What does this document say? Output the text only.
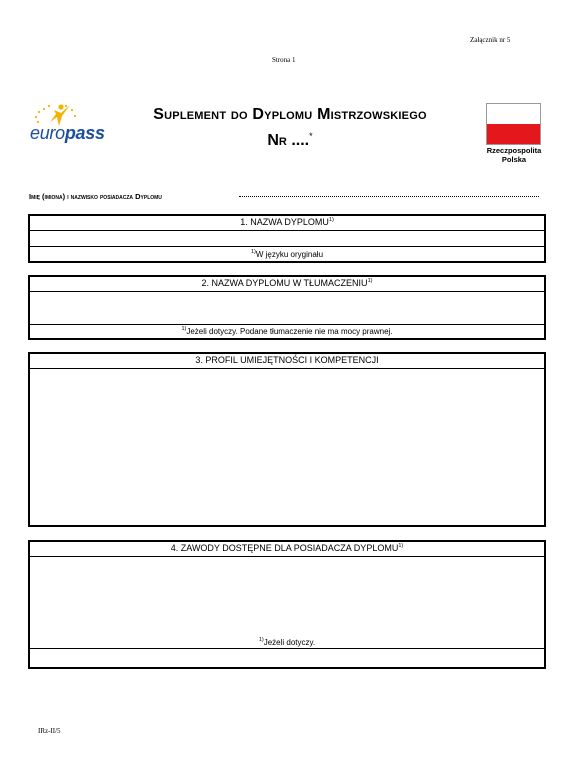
Załącznik nr 5
Strona 1
europass
Suplement do Dyplomu Mistrzowskiego
Nr ....*
Rzeczpospolita
Polska
Imię (imiona) i nazwisko posiadacza Dyplomu
1. NAZWA DYPLOMU$^{1)}$
$^{1)}$W języku oryginału
2. NAZWA DYPLOMU W TŁUMACZENIU$^{1)}$
$^{1)}$Jeżeli dotyczy. Podane tłumaczenie nie ma mocy prawnej.
3. PROFIL UMIEJĘTNOŚCI I KOMPETENCJI
4. ZAWODY DOSTĘPNE DLA POSIADACZA DYPLOMU$^{1)}$
$^{1)}$Jeżeli dotyczy.
IRz-II/5
